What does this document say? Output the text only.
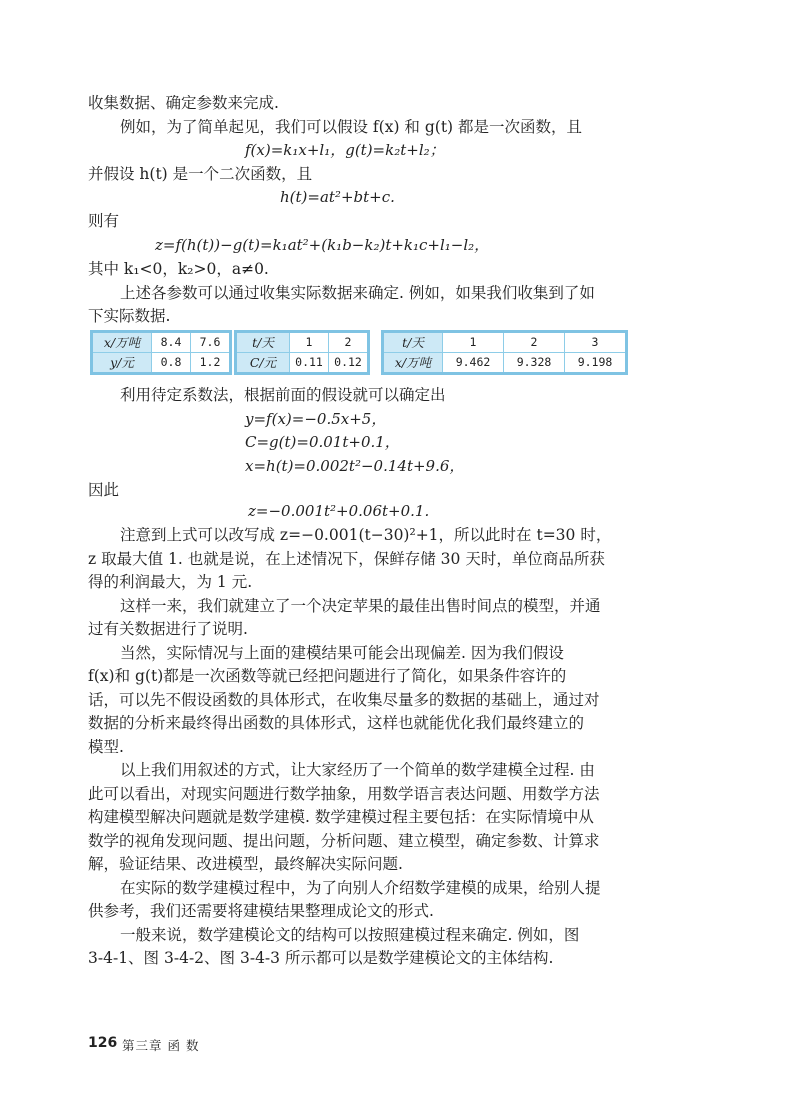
收集数据、确定参数来完成.
例如，为了简单起见，我们可以假设 f(x) 和 g(t) 都是一次函数，且
f(x)=k₁x+l₁，g(t)=k₂t+l₂；
并假设 h(t) 是一个二次函数，且
h(t)=at²+bt+c.
则有
z=f(h(t))−g(t)=k₁at²+(k₁b−k₂)t+k₁c+l₁−l₂，
其中 k₁<0，k₂>0，a≠0.
上述各参数可以通过收集实际数据来确定. 例如，如果我们收集到了如
下实际数据.
x/万吨	8.4	7.6
y/元	0.8	1.2
t/天	1	2
C/元	0.11	0.12
t/天	1	2	3
x/万吨	9.462	9.328	9.198
利用待定系数法，根据前面的假设就可以确定出
y=f(x)=−0.5x+5，
C=g(t)=0.01t+0.1，
x=h(t)=0.002t²−0.14t+9.6，
因此
z=−0.001t²+0.06t+0.1.
注意到上式可以改写成 z=−0.001(t−30)²+1，所以此时在 t=30 时，
z 取最大值 1. 也就是说，在上述情况下，保鲜存储 30 天时，单位商品所获
得的利润最大，为 1 元.
这样一来，我们就建立了一个决定苹果的最佳出售时间点的模型，并通
过有关数据进行了说明.
当然，实际情况与上面的建模结果可能会出现偏差. 因为我们假设
f(x)和 g(t)都是一次函数等就已经把问题进行了简化，如果条件容许的
话，可以先不假设函数的具体形式，在收集尽量多的数据的基础上，通过对
数据的分析来最终得出函数的具体形式，这样也就能优化我们最终建立的
模型.
以上我们用叙述的方式，让大家经历了一个简单的数学建模全过程. 由
此可以看出，对现实问题进行数学抽象，用数学语言表达问题、用数学方法
构建模型解决问题就是数学建模. 数学建模过程主要包括：在实际情境中从
数学的视角发现问题、提出问题，分析问题、建立模型，确定参数、计算求
解，验证结果、改进模型，最终解决实际问题.
在实际的数学建模过程中，为了向别人介绍数学建模的成果，给别人提
供参考，我们还需要将建模结果整理成论文的形式.
一般来说，数学建模论文的结构可以按照建模过程来确定. 例如，图
3-4-1、图 3-4-2、图 3-4-3 所示都可以是数学建模论文的主体结构.
126 第三章 函 数
